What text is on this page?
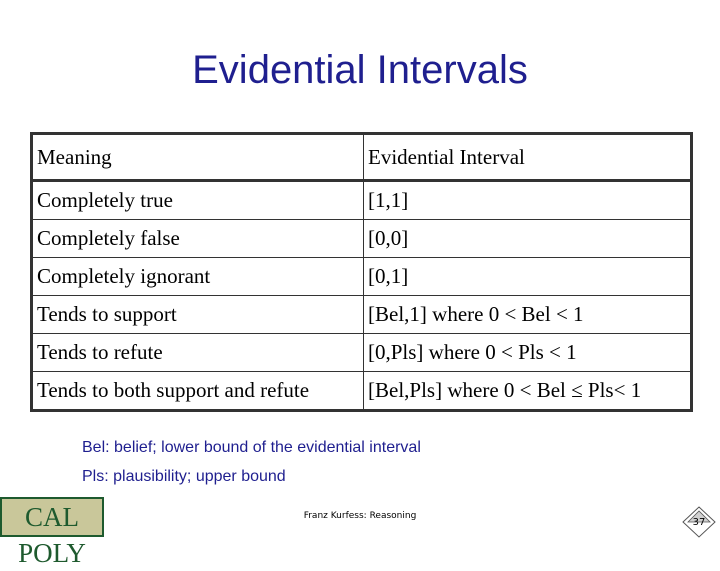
Evidential Intervals
Meaning	Evidential Interval
Completely true	[1,1]
Completely false	[0,0]
Completely ignorant	[0,1]
Tends to support	[Bel,1] where 0 < Bel < 1
Tends to refute	[0,Pls] where 0 < Pls < 1
Tends to both support and refute	[Bel,Pls] where 0 < Bel ≤ Pls< 1
Bel: belief; lower bound of the evidential interval
Pls: plausibility; upper bound
CAL POLY
Franz Kurfess: Reasoning
37
